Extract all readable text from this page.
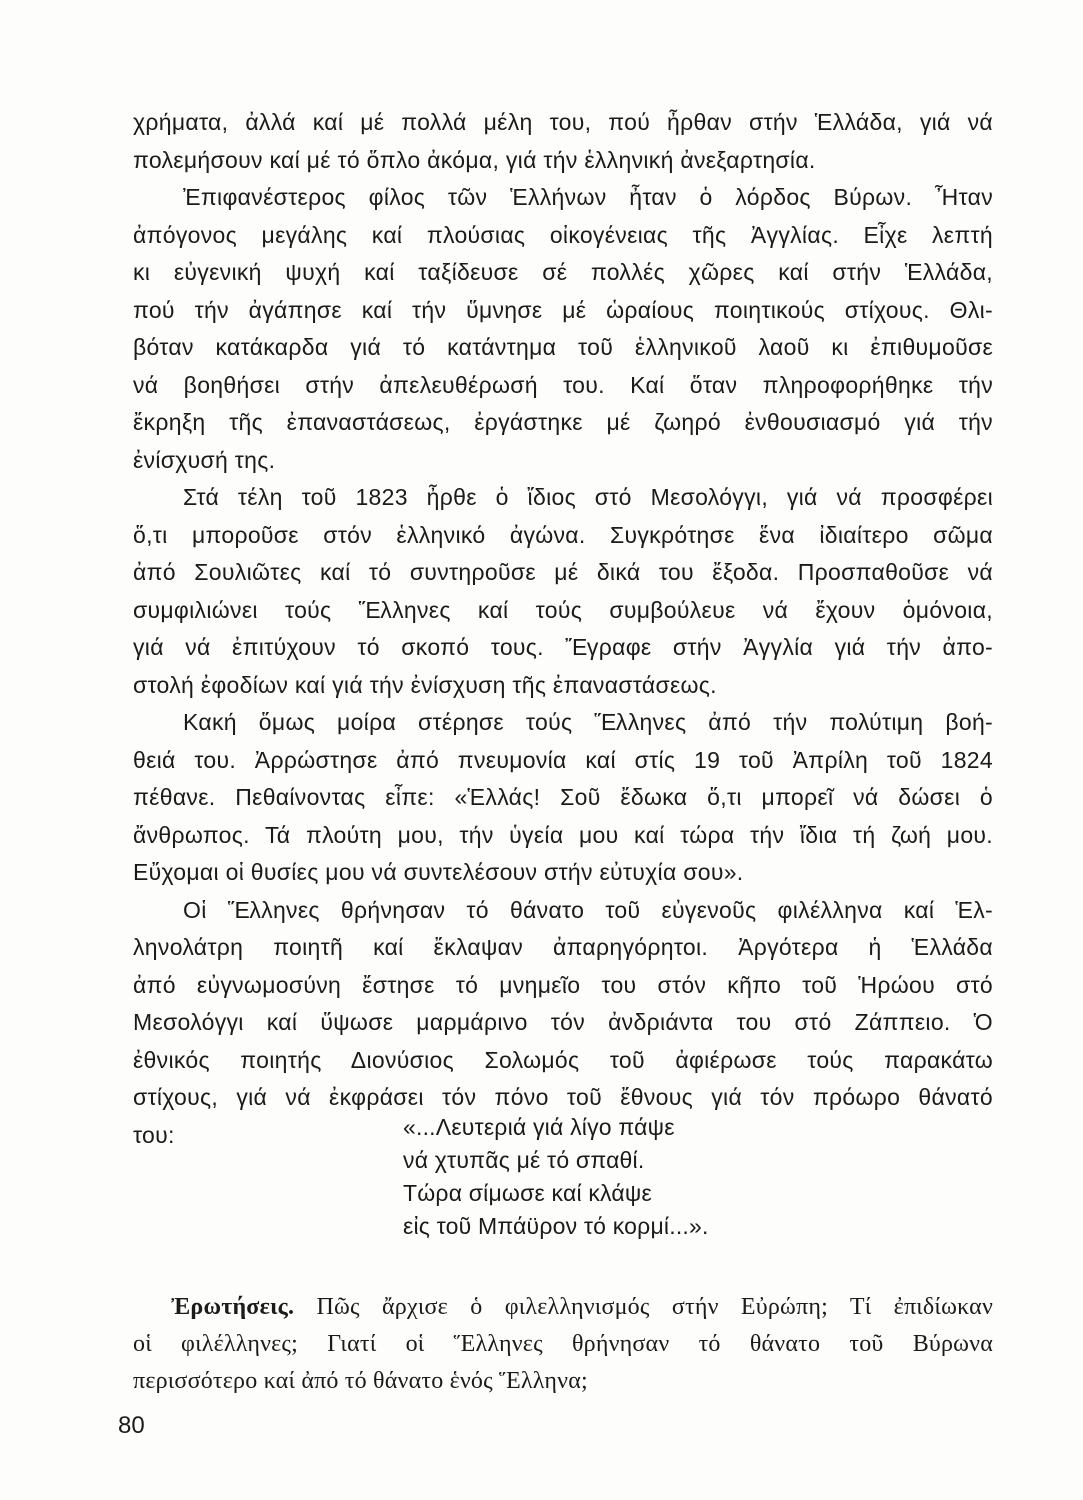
χρήματα, ἀλλά καί μέ πολλά μέλη του, πού ἦρθαν στήν Ἑλλάδα, γιά νά
πολεμήσουν καί μέ τό ὅπλο ἀκόμα, γιά τήν ἑλληνική ἀνεξαρτησία.
Ἐπιφανέστερος φίλος τῶν Ἑλλήνων ἦταν ὁ λόρδος Βύρων. Ἦταν
ἀπόγονος μεγάλης καί πλούσιας οἰκογένειας τῆς Ἀγγλίας. Εἶχε λεπτή
κι εὐγενική ψυχή καί ταξίδευσε σέ πολλές χῶρες καί στήν Ἑλλάδα,
πού τήν ἀγάπησε καί τήν ὕμνησε μέ ὡραίους ποιητικούς στίχους. Θλι-
βόταν κατάκαρδα γιά τό κατάντημα τοῦ ἑλληνικοῦ λαοῦ κι ἐπιθυμοῦσε
νά βοηθήσει στήν ἀπελευθέρωσή του. Καί ὅταν πληροφορήθηκε τήν
ἔκρηξη τῆς ἐπαναστάσεως, ἐργάστηκε μέ ζωηρό ἐνθουσιασμό γιά τήν
ἐνίσχυσή της.
Στά τέλη τοῦ 1823 ἦρθε ὁ ἴδιος στό Μεσολόγγι, γιά νά προσφέρει
ὅ,τι μποροῦσε στόν ἑλληνικό ἀγώνα. Συγκρότησε ἕνα ἰδιαίτερο σῶμα
ἀπό Σουλιῶτες καί τό συντηροῦσε μέ δικά του ἔξοδα. Προσπαθοῦσε νά
συμφιλιώνει τούς Ἕλληνες καί τούς συμβούλευε νά ἔχουν ὁμόνοια,
γιά νά ἐπιτύχουν τό σκοπό τους. Ἔγραφε στήν Ἀγγλία γιά τήν ἀπο-
στολή ἐφοδίων καί γιά τήν ἐνίσχυση τῆς ἐπαναστάσεως.
Κακή ὅμως μοίρα στέρησε τούς Ἕλληνες ἀπό τήν πολύτιμη βοή-
θειά του. Ἀρρώστησε ἀπό πνευμονία καί στίς 19 τοῦ Ἀπρίλη τοῦ 1824
πέθανε. Πεθαίνοντας εἶπε: «Ἑλλάς! Σοῦ ἔδωκα ὅ,τι μπορεῖ νά δώσει ὁ
ἄνθρωπος. Τά πλούτη μου, τήν ὑγεία μου καί τώρα τήν ἴδια τή ζωή μου.
Εὔχομαι οἱ θυσίες μου νά συντελέσουν στήν εὐτυχία σου».
Οἱ Ἕλληνες θρήνησαν τό θάνατο τοῦ εὐγενοῦς φιλέλληνα καί Ἑλ-
ληνολάτρη ποιητῆ καί ἔκλαψαν ἀπαρηγόρητοι. Ἀργότερα ἡ Ἑλλάδα
ἀπό εὐγνωμοσύνη ἔστησε τό μνημεῖο του στόν κῆπο τοῦ Ἡρώου στό
Μεσολόγγι καί ὕψωσε μαρμάρινο τόν ἀνδριάντα του στό Ζάππειο. Ὁ
ἐθνικός ποιητής Διονύσιος Σολωμός τοῦ ἀφιέρωσε τούς παρακάτω
στίχους, γιά νά ἐκφράσει τόν πόνο τοῦ ἔθνους γιά τόν πρόωρο θάνατό
του:	«...Λευτεριά γιά λίγο πάψε
νά χτυπᾶς μέ τό σπαθί.
Τώρα σίμωσε καί κλάψε
εἰς τοῦ Μπάϋρον τό κορμί...».
Ἐρωτήσεις. Πῶς ἄρχισε ὁ φιλελληνισμός στήν Εὐρώπη; Τί ἐπιδίωκαν
οἱ φιλέλληνες; Γιατί οἱ Ἕλληνες θρήνησαν τό θάνατο τοῦ Βύρωνα
περισσότερο καί ἀπό τό θάνατο ἑνός Ἕλληνα;
80
